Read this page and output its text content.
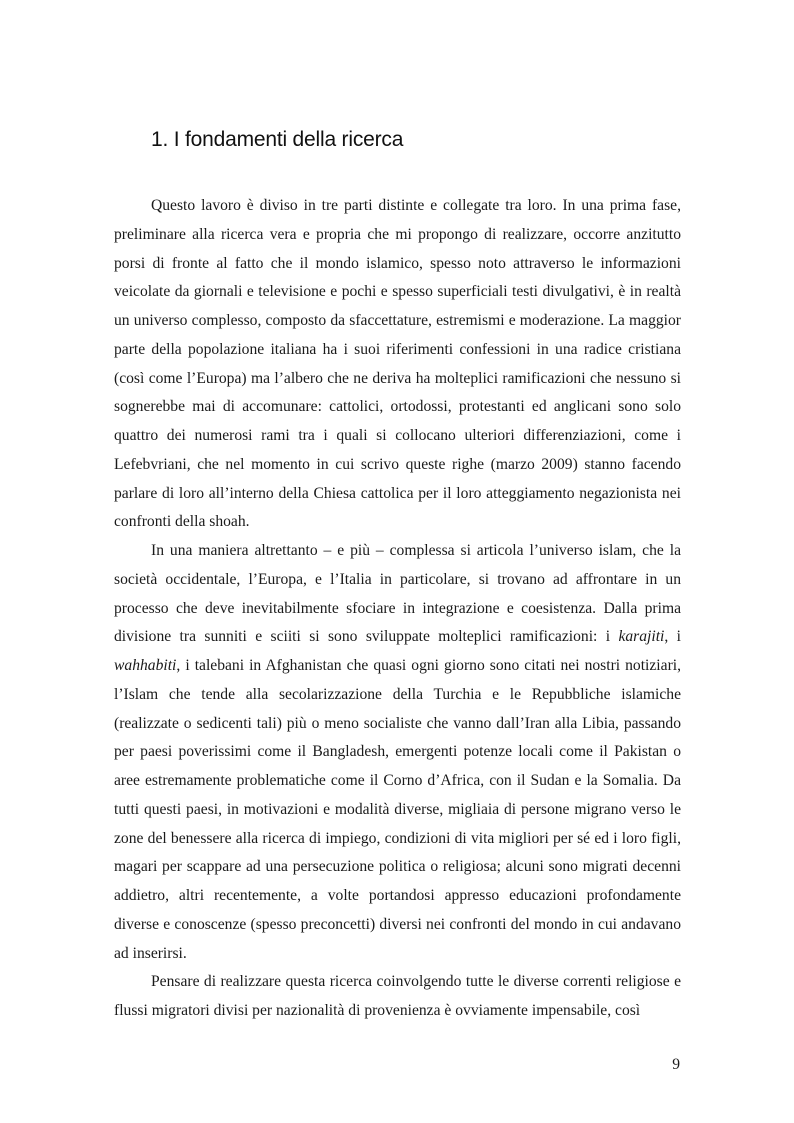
1. I fondamenti della ricerca

Questo lavoro è diviso in tre parti distinte e collegate tra loro. In una prima fase, preliminare alla ricerca vera e propria che mi propongo di realizzare, occorre anzitutto porsi di fronte al fatto che il mondo islamico, spesso noto attraverso le informazioni veicolate da giornali e televisione e pochi e spesso superficiali testi divulgativi, è in realtà un universo complesso, composto da sfaccettature, estremismi e moderazione. La maggior parte della popolazione italiana ha i suoi riferimenti confessioni in una radice cristiana (così come l’Europa) ma l’albero che ne deriva ha molteplici ramificazioni che nessuno si sognerebbe mai di accomunare: cattolici, ortodossi, protestanti ed anglicani sono solo quattro dei numerosi rami tra i quali si collocano ulteriori differenziazioni, come i Lefebvriani, che nel momento in cui scrivo queste righe (marzo 2009) stanno facendo parlare di loro all’interno della Chiesa cattolica per il loro atteggiamento negazionista nei confronti della shoah.

In una maniera altrettanto – e più – complessa si articola l’universo islam, che la società occidentale, l’Europa, e l’Italia in particolare, si trovano ad affrontare in un processo che deve inevitabilmente sfociare in integrazione e coesistenza. Dalla prima divisione tra sunniti e sciiti si sono sviluppate molteplici ramificazioni: i karajiti, i wahhabiti, i talebani in Afghanistan che quasi ogni giorno sono citati nei nostri notiziari, l’Islam che tende alla secolarizzazione della Turchia e le Repubbliche islamiche (realizzate o sedicenti tali) più o meno socialiste che vanno dall’Iran alla Libia, passando per paesi poverissimi come il Bangladesh, emergenti potenze locali come il Pakistan o aree estremamente problematiche come il Corno d’Africa, con il Sudan e la Somalia. Da tutti questi paesi, in motivazioni e modalità diverse, migliaia di persone migrano verso le zone del benessere alla ricerca di impiego, condizioni di vita migliori per sé ed i loro figli, magari per scappare ad una persecuzione politica o religiosa; alcuni sono migrati decenni addietro, altri recentemente, a volte portandosi appresso educazioni profondamente diverse e conoscenze (spesso preconcetti) diversi nei confronti del mondo in cui andavano ad inserirsi.

Pensare di realizzare questa ricerca coinvolgendo tutte le diverse correnti religiose e flussi migratori divisi per nazionalità di provenienza è ovviamente impensabile, così

9
